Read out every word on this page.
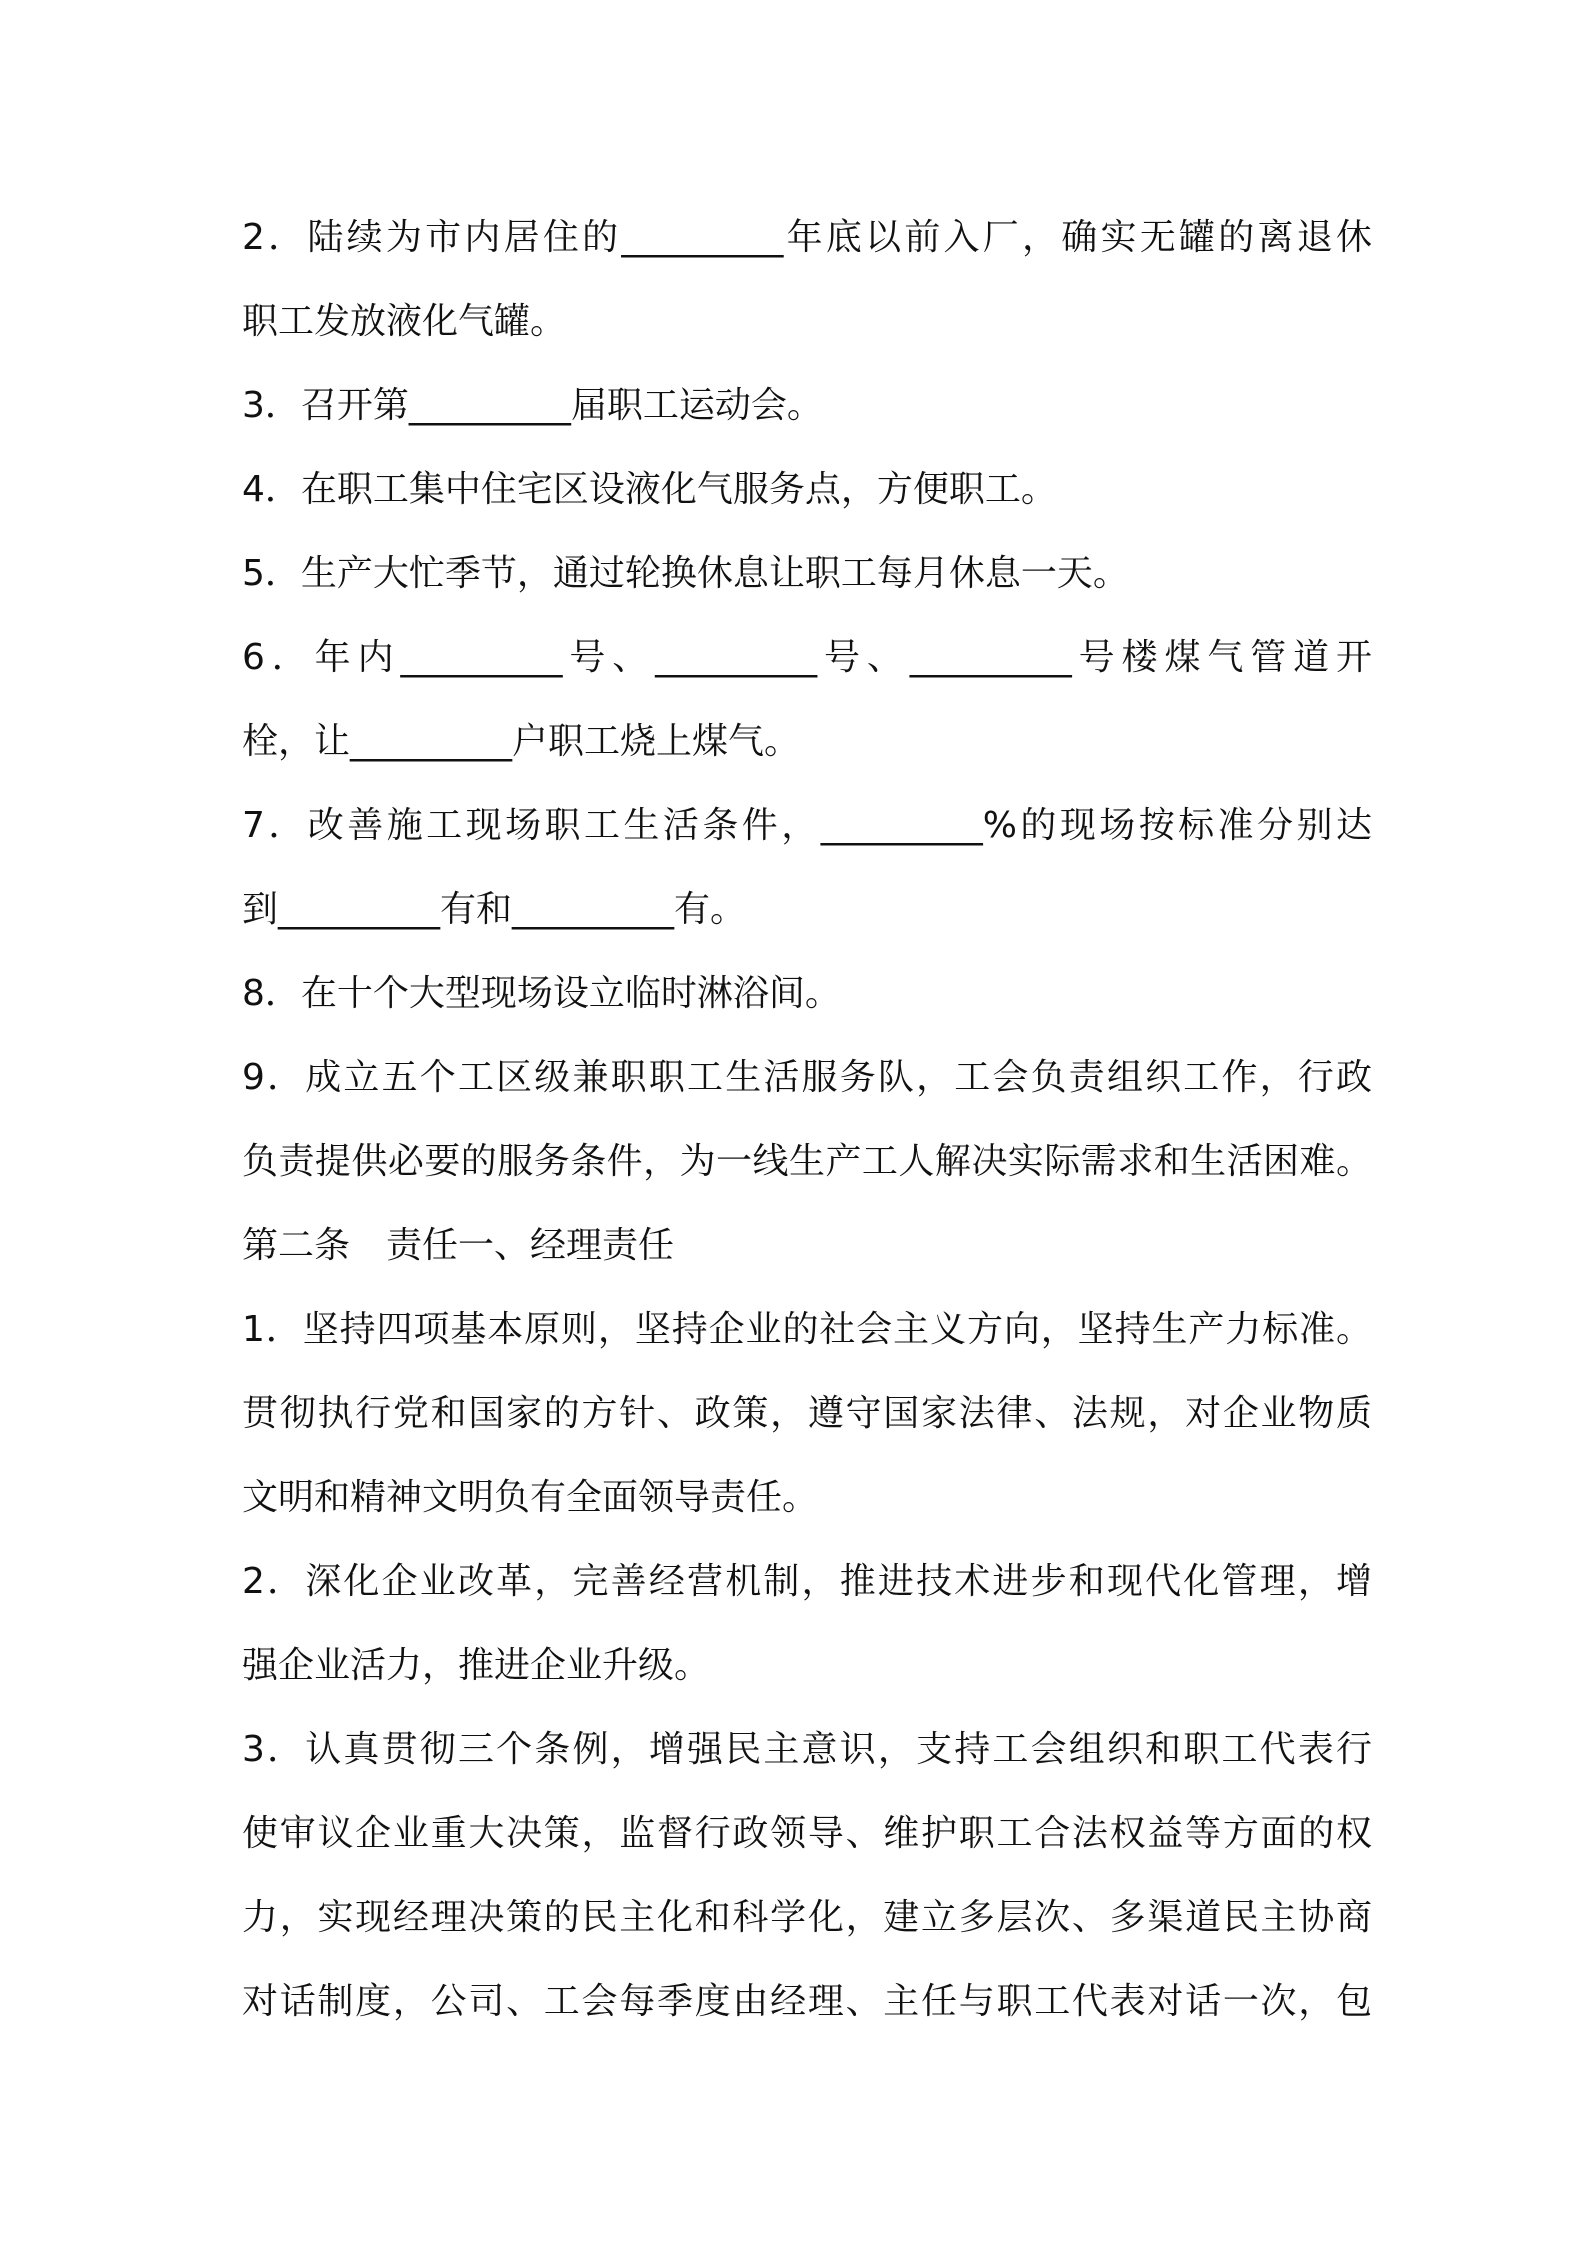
2．陆续为市内居住的_________年底以前入厂，确实无罐的离退休
职工发放液化气罐。
3．召开第_________届职工运动会。
4．在职工集中住宅区设液化气服务点，方便职工。
5．生产大忙季节，通过轮换休息让职工每月休息一天。
6．年内_________号、_________号、_________号楼煤气管道开
栓，让_________户职工烧上煤气。
7．改善施工现场职工生活条件，_________%的现场按标准分别达
到_________有和_________有。
8．在十个大型现场设立临时淋浴间。
9．成立五个工区级兼职职工生活服务队，工会负责组织工作，行政
负责提供必要的服务条件，为一线生产工人解决实际需求和生活困难。
第二条　责任一、经理责任
1．坚持四项基本原则，坚持企业的社会主义方向，坚持生产力标准。
贯彻执行党和国家的方针、政策，遵守国家法律、法规，对企业物质
文明和精神文明负有全面领导责任。
2．深化企业改革，完善经营机制，推进技术进步和现代化管理，增
强企业活力，推进企业升级。
3．认真贯彻三个条例，增强民主意识，支持工会组织和职工代表行
使审议企业重大决策，监督行政领导、维护职工合法权益等方面的权
力，实现经理决策的民主化和科学化，建立多层次、多渠道民主协商
对话制度，公司、工会每季度由经理、主任与职工代表对话一次，包
